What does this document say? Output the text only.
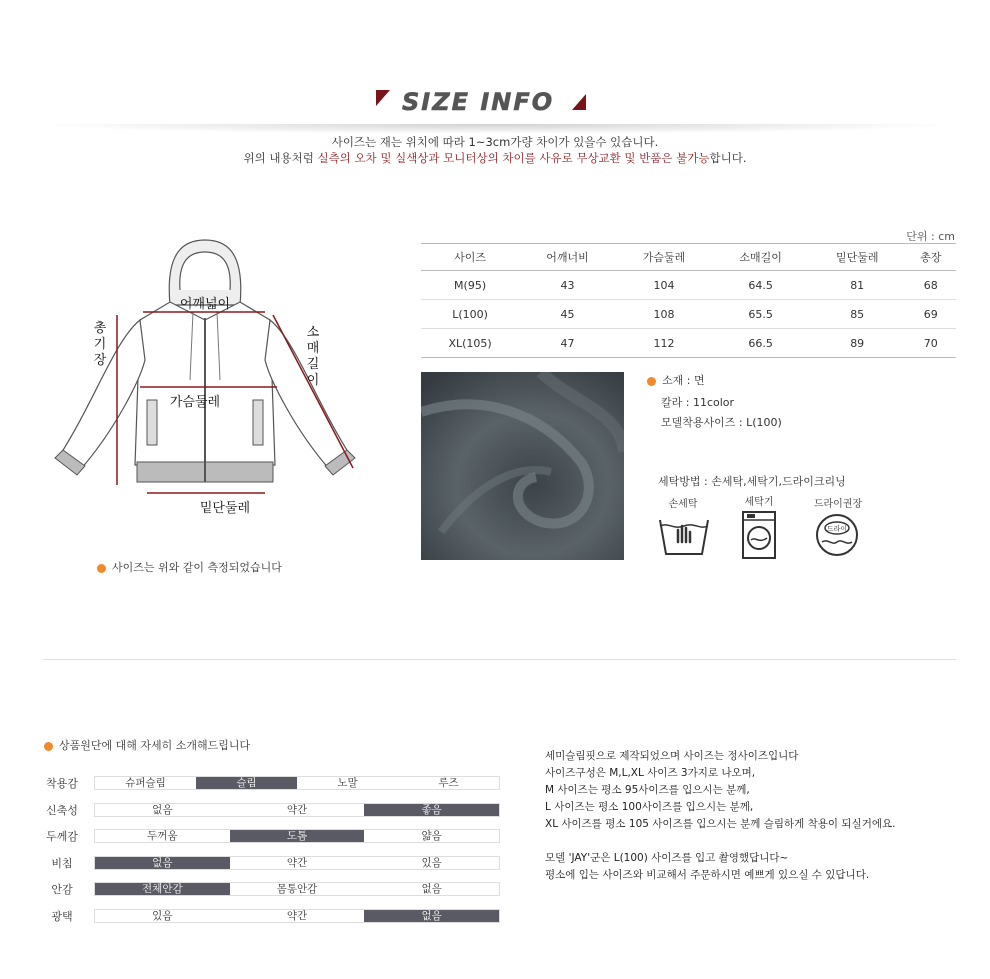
SIZE INFO
사이즈는 재는 위치에 따라 1~3cm가량 차이가 있을수 있습니다.
위의 내용처럼 실측의 오차 및 실색상과 모니터상의 차이를 사유로 무상교환 및 반품은 불가능합니다.
어깨넓이
가슴둘레
밑단둘레
총
기
장
소
매
길
이
사이즈는 위와 같이 측정되었습니다
단위 : cm
사이즈	어깨너비	가슴둘레	소매길이	밑단둘레	총장
M(95)	43	104	64.5	81	68
L(100)	45	108	65.5	85	69
XL(105)	47	112	66.5	89	70
소재 : 면
칼라 : 11color
모델착용사이즈 : L(100)
세탁방법 : 손세탁,세탁기,드라이크리닝
손세탁	세탁기	드라이권장
드라이
상품원단에 대해 자세히 소개해드립니다
착용감	슈퍼슬림	슬림	노말	루즈
신축성	없음	약간	좋음
두께감	두꺼움	도톰	얇음
비침	없음	약간	있음
안감	전체안감	몸통안감	없음
광택	있음	약간	없음
세미슬림핏으로 제작되었으며 사이즈는 정사이즈입니다
사이즈구성은 M,L,XL 사이즈 3가지로 나오며,
M 사이즈는 평소 95사이즈를 입으시는 분께,
L 사이즈는 평소 100사이즈를 입으시는 분께,
XL 사이즈를 평소 105 사이즈를 입으시는 분께 슬림하게 착용이 되실거에요.
모델 'JAY'군은 L(100) 사이즈를 입고 촬영했답니다~
평소에 입는 사이즈와 비교해서 주문하시면 예쁘게 있으실 수 있답니다.
